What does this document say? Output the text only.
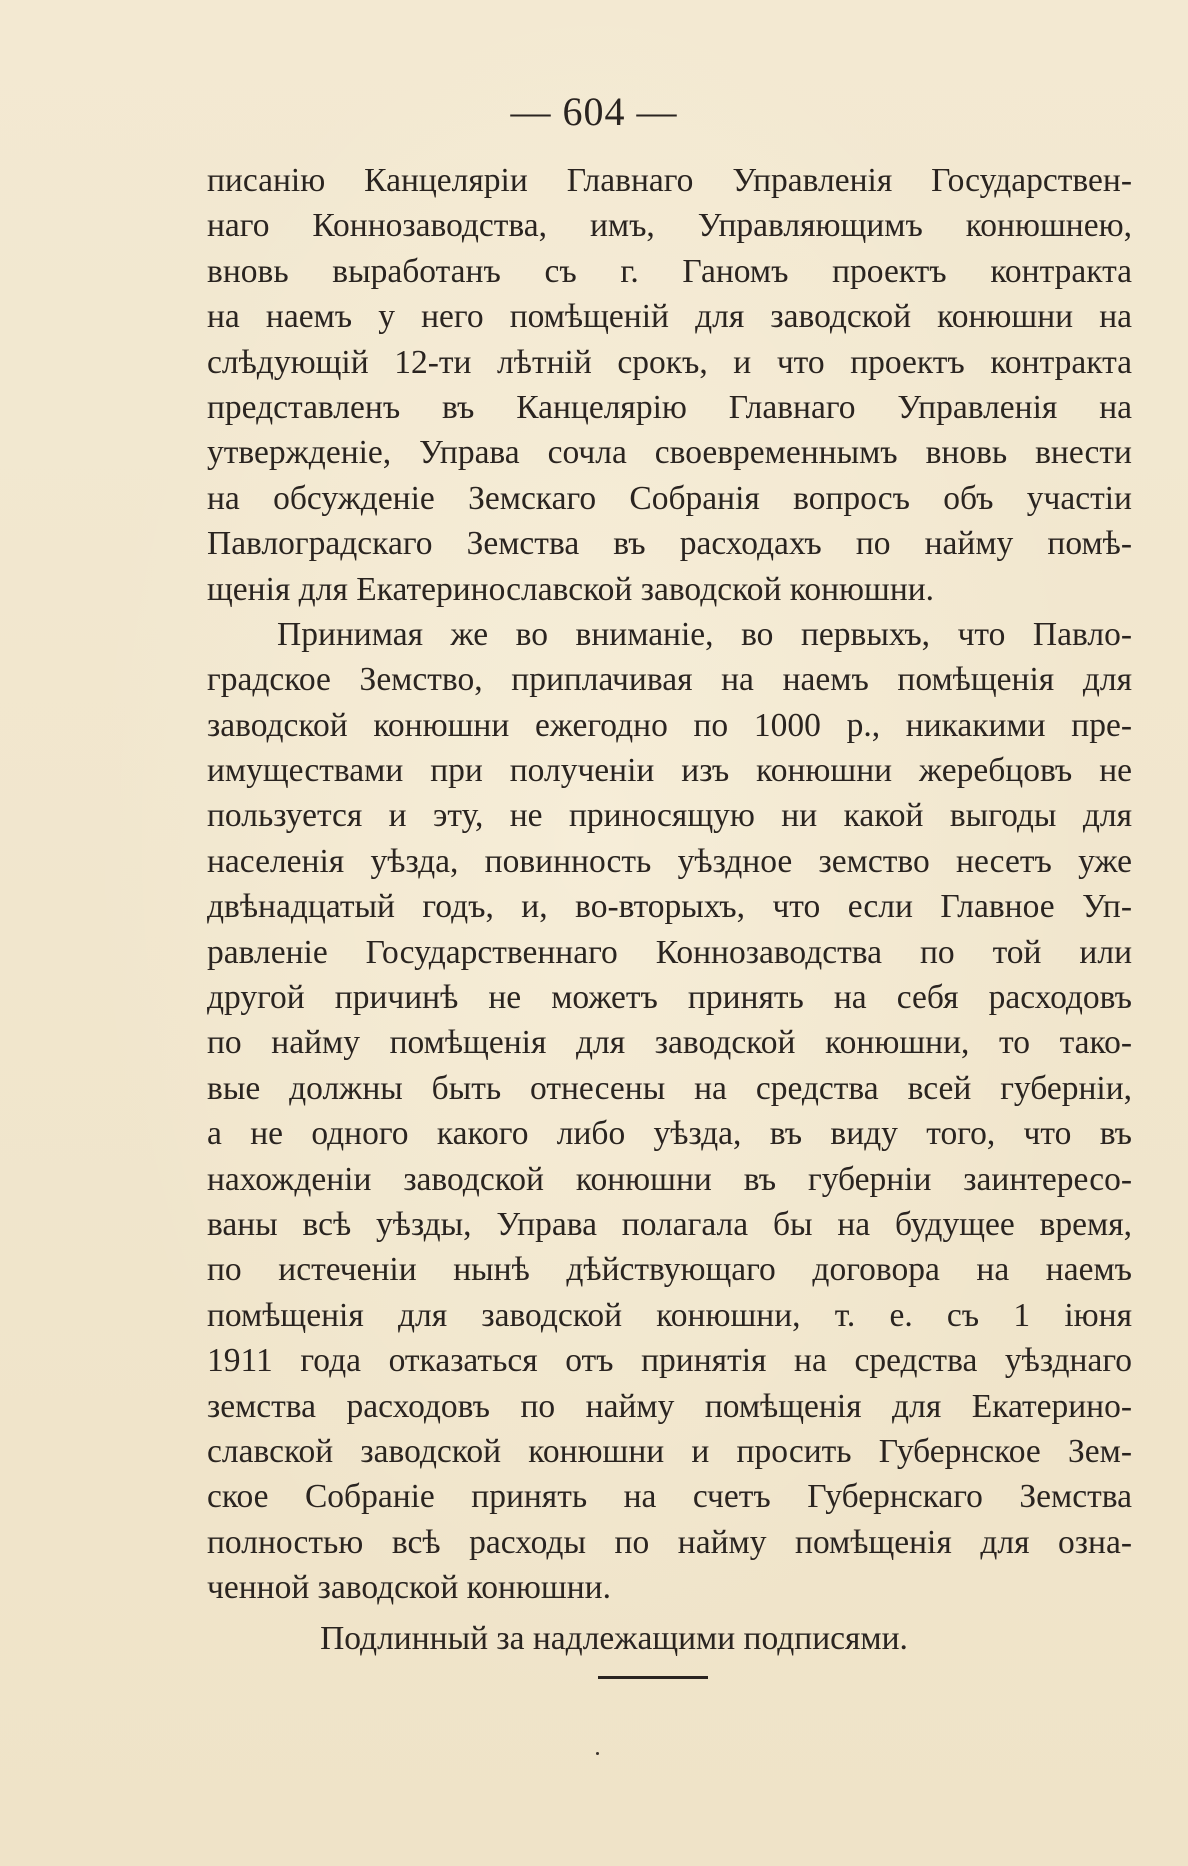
— 604 —
писанію Канцеляріи Главнаго Управленія Государствен-
наго Коннозаводства, имъ, Управляющимъ конюшнею,
вновь выработанъ съ г. Ганомъ проектъ контракта
на наемъ у него помѣщеній для заводской конюшни на
слѣдующій 12-ти лѣтній срокъ, и что проектъ контракта
представленъ въ Канцелярію Главнаго Управленія на
утвержденіе, Управа сочла своевременнымъ вновь внести
на обсужденіе Земскаго Собранія вопросъ объ участіи
Павлоградскаго Земства въ расходахъ по найму помѣ-
щенія для Екатеринославской заводской конюшни.
Принимая же во вниманіе, во первыхъ, что Павло-
градское Земство, приплачивая на наемъ помѣщенія для
заводской конюшни ежегодно по 1000 р., никакими пре-
имуществами при полученіи изъ конюшни жеребцовъ не
пользуется и эту, не приносящую ни какой выгоды для
населенія уѣзда, повинность уѣздное земство несетъ уже
двѣнадцатый годъ, и, во-вторыхъ, что если Главное Уп-
равленіе Государственнаго Коннозаводства по той или
другой причинѣ не можетъ принять на себя расходовъ
по найму помѣщенія для заводской конюшни, то тако-
вые должны быть отнесены на средства всей губерніи,
а не одного какого либо уѣзда, въ виду того, что въ
нахожденіи заводской конюшни въ губерніи заинтересо-
ваны всѣ уѣзды, Управа полагала бы на будущее время,
по истеченіи нынѣ дѣйствующаго договора на наемъ
помѣщенія для заводской конюшни, т. е. съ 1 іюня
1911 года отказаться отъ принятія на средства уѣзднаго
земства расходовъ по найму помѣщенія для Екатерино-
славской заводской конюшни и просить Губернское Зем-
ское Собраніе принять на счетъ Губернскаго Земства
полностью всѣ расходы по найму помѣщенія для озна-
ченной заводской конюшни.
Подлинный за надлежащими подписями.
